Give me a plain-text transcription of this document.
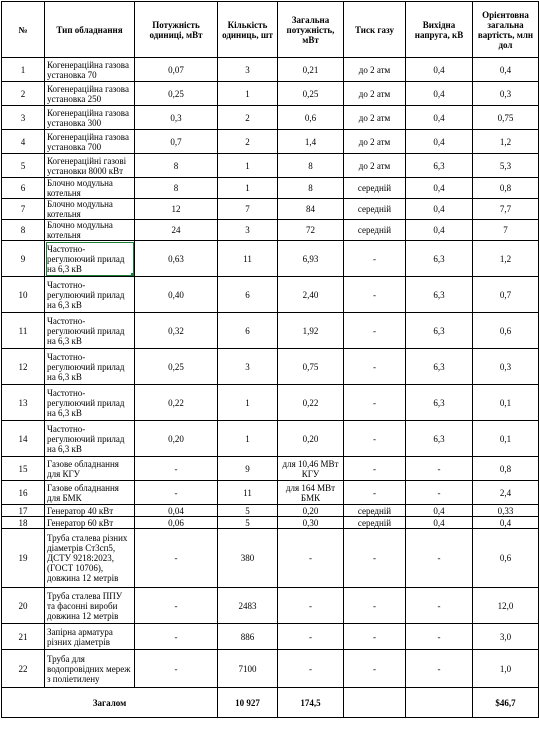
№	Тип обладнання	Потужність одиниці, мВт	Кількість одиниць, шт	Загальна потужність, мВт	Тиск газу	Вихідна напруга, кВ	Орієнтовна загальна вартість, млн дол
1	Когенераційна газова установка 70	0,07	3	0,21	до 2 атм	0,4	0,4
2	Когенераційна газова установка 250	0,25	1	0,25	до 2 атм	0,4	0,3
3	Когенераційна газова установка 300	0,3	2	0,6	до 2 атм	0,4	0,75
4	Когенераційна газова установка 700	0,7	2	1,4	до 2 атм	0,4	1,2
5	Когенераційні газові установки 8000 кВт	8	1	8	до 2 атм	6,3	5,3
6	Блочно модульна котельня	8	1	8	середній	0,4	0,8
7	Блочно модульна котельня	12	7	84	середній	0,4	7,7
8	Блочно модульна котельня	24	3	72	середній	0,4	7
9	Частотно-регулюючий прилад на 6,3 кВ	0,63	11	6,93	-	6,3	1,2
10	Частотно-регулюючий прилад на 6,3 кВ	0,40	6	2,40	-	6,3	0,7
11	Частотно-регулюючий прилад на 6,3 кВ	0,32	6	1,92	-	6,3	0,6
12	Частотно-регулюючий прилад на 6,3 кВ	0,25	3	0,75	-	6,3	0,3
13	Частотно-регулюючий прилад на 6,3 кВ	0,22	1	0,22	-	6,3	0,1
14	Частотно-регулюючий прилад на 6,3 кВ	0,20	1	0,20	-	6,3	0,1
15	Газове обладнання для КГУ	-	9	для 10,46 МВт КГУ	-	-	0,8
16	Газове обладнання для БМК	-	11	для 164 МВт БМК	-	-	2,4
17	Генератор 40 кВт	0,04	5	0,20	середній	0,4	0,33
18	Генератор 60 кВт	0,06	5	0,30	середній	0,4	0,4
19	Труба сталева різних діаметрів Ст3сп5, ДСТУ 9218:2023, (ГОСТ 10706), довжина 12 метрів	-	380	-	-	-	0,6
20	Труба сталева ППУ та фасонні вироби довжина 12 метрів	-	2483	-	-	-	12,0
21	Запірна арматура різних діаметрів	-	886	-	-	-	3,0
22	Труба для водопровідних мереж з поліетилену	-	7100	-	-	-	1,0
Загалом			10 927	174,5			$46,7
